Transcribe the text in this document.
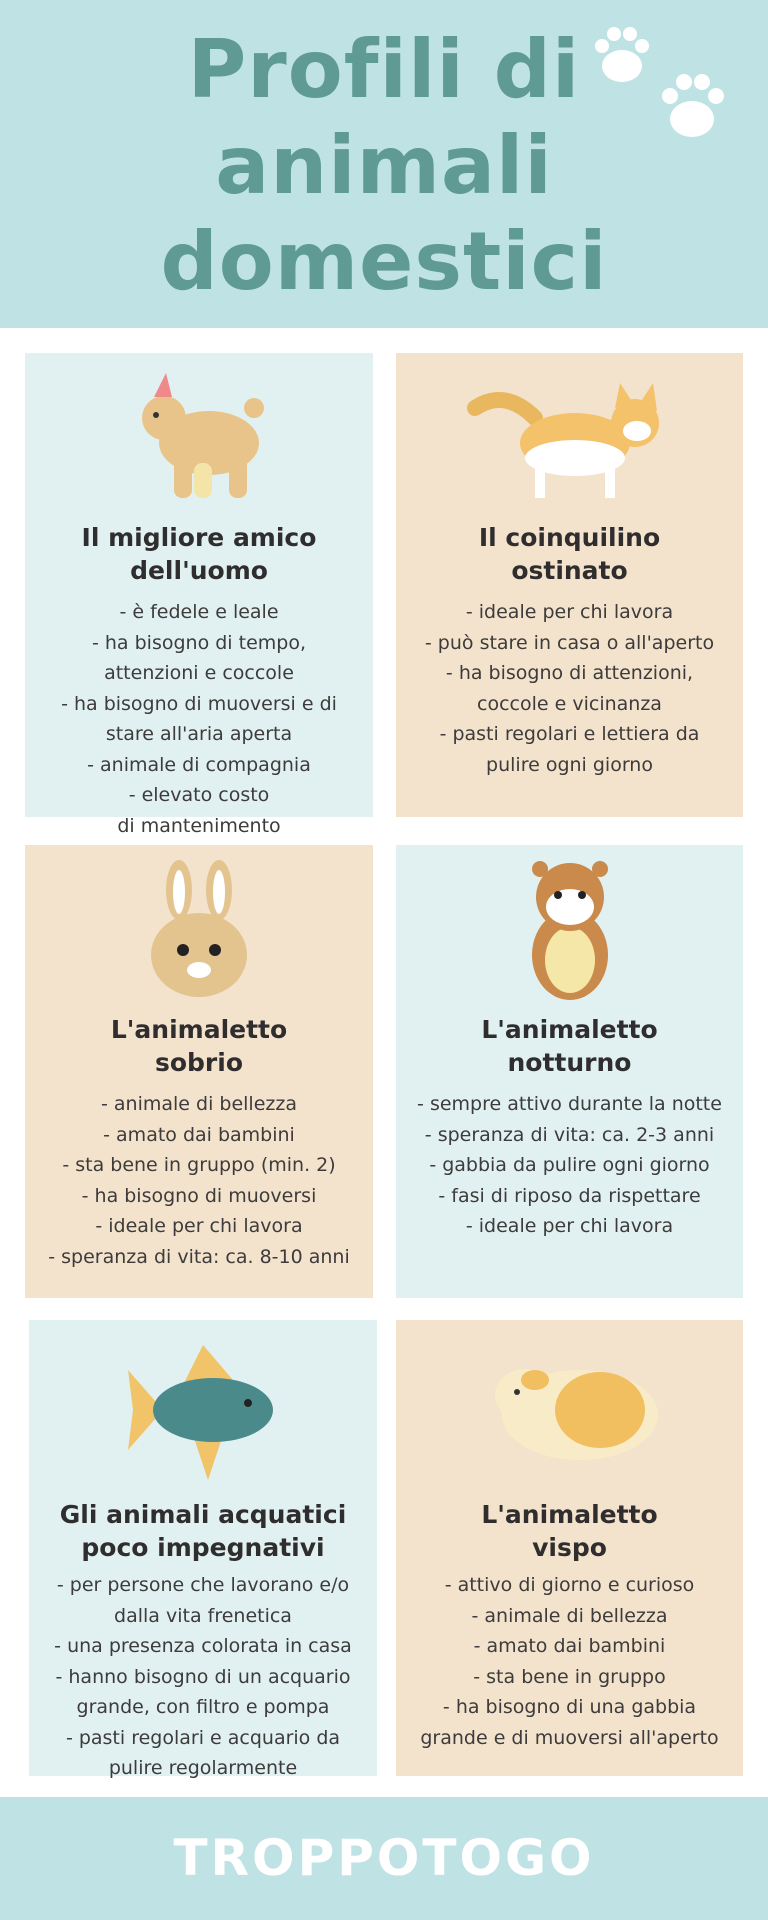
Profili di
animali
domestici
Il migliore amico
dell'uomo
- è fedele e leale
- ha bisogno di tempo,
attenzioni e coccole
- ha bisogno di muoversi e di
stare all'aria aperta
- animale di compagnia
- elevato costo
di mantenimento
Il coinquilino
ostinato
- ideale per chi lavora
- può stare in casa o all'aperto
- ha bisogno di attenzioni,
coccole e vicinanza
- pasti regolari e lettiera da
pulire ogni giorno
L'animaletto
sobrio
- animale di bellezza
- amato dai bambini
- sta bene in gruppo (min. 2)
- ha bisogno di muoversi
- ideale per chi lavora
- speranza di vita: ca. 8-10 anni
L'animaletto
notturno
- sempre attivo durante la notte
- speranza di vita: ca. 2-3 anni
- gabbia da pulire ogni giorno
- fasi di riposo da rispettare
- ideale per chi lavora
Gli animali acquatici
poco impegnativi
- per persone che lavorano e/o
dalla vita frenetica
- una presenza colorata in casa
- hanno bisogno di un acquario
grande, con filtro e pompa
- pasti regolari e acquario da
pulire regolarmente
L'animaletto
vispo
- attivo di giorno e curioso
- animale di bellezza
- amato dai bambini
- sta bene in gruppo
- ha bisogno di una gabbia
grande e di muoversi all'aperto
TROPPOTOGO
